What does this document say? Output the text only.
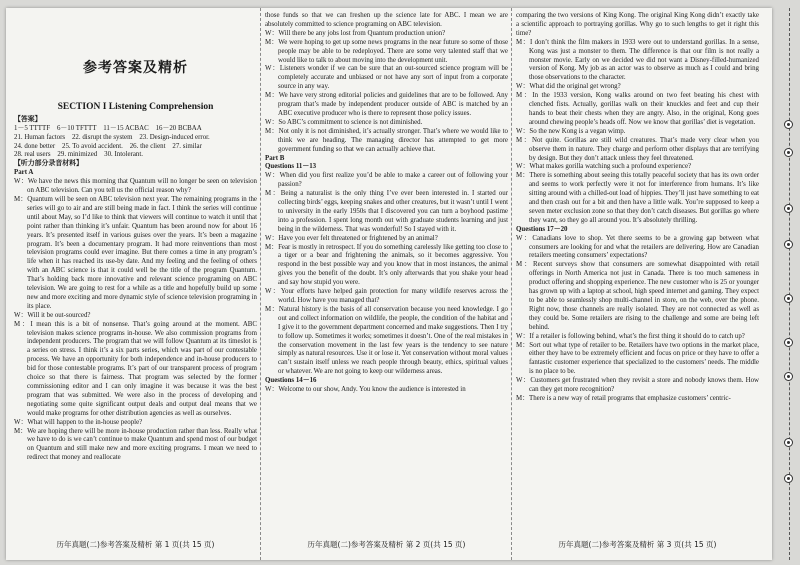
参考答案及精析
SECTION I Listening Comprehension

【答案】

1－5 TTTTF　6－10 TFTTT　11－15 ACBAC　16－20 BCBAA

21. Human factors　22. disrupt the system　23. Design-induced error.

24. done better　25. To avoid accident.　26. the client　27. similar

28. real users　29. minimized　30. Intolerant.

【听力部分录音材料】

Part A

W：We have the news this morning that Quantum will no longer be seen on television on ABC television. Can you tell us the official reason why?

M：Quantum will be seen on ABC television next year. The remaining programs in the series will go to air and are still being made in fact. I think the series will continue until about May, so I’d like to think that viewers will continue to watch it until that point rather than thinking it’s unfair. Quantum has been around now for about 16 years. It’s presented itself in various guises over the years. It’s been a magazine program. It’s been a documentary program. It had more reinventions than most television programs could ever imagine. But there comes a time in any program’s life when it has reached its use-by date. And my feeling and the feeling of others with an ABC science is that it could well be the title of the program Quantum. That’s holding back more innovative and relevant science programing on ABC television. We are going to rest for a while as a title and hopefully build up some new and more exciting and more dynamic style of science television programing in its place.

W：Will it be out-sourced?

M：I mean this is a bit of nonsense. That’s going around at the moment. ABC television makes science programs in-house. We also commission programs from independent producers. The program that we will follow Quantum at its timeslot is a series on stress. I think it’s a six parts series, which was part of our contestable process. We have an opportunity for both independence and in-house producers to bid for those contestable programs. It’s part of our transparent process of program choice so that there is fairness. That program was selected by the former commissioning editor and I can only imagine it was because it was the best program that was submitted. We were also in the process of developing and negotiating some quite significant output deals and output deal means that we would make programs for other distribution agencies as well as ourselves.

W：What will happen to the in-house people?

M：We are hoping there will be more in-house production rather than less. Really what we have to do is we can’t continue to make Quantum and spend most of our budget on Quantum and still make new and more exciting programs. I mean we need to redirect that money and reallocate

those funds so that we can freshen up the science late for ABC. I mean we are absolutely committed to science programing on ABC television.

W：Will there be any jobs lost from Quantum production union?

M：We were hoping to get up some news programs in the near future so some of those people may be able to be redeployed. There are some very talented staff that we would like to talk to about moving into the development unit.

W：Listeners wonder if we can be sure that an out-sourced science program will be completely accurate and unbiased or not have any sort of input from a corporate source in any way.

M：We have very strong editorial policies and guidelines that are to be followed. Any program that’s made by independent producer outside of ABC is matched by an ABC executive producer who is there to represent those policy issues.

W：So ABC’s commitment to science is not diminished.

M：Not only it is not diminished, it’s actually stronger. That’s where we would like to think we are heading. The managing director has attempted to get more government funding so that we can actually achieve that.

Part B

Questions 11－13

W：When did you first realize you’d be able to make a career out of following your passion?

M：Being a naturalist is the only thing I’ve ever been interested in. I started our collecting birds’ eggs, keeping snakes and other creatures, but it wasn’t until I went to university in the early 1950s that I discovered you can turn a boyhood pastime into a profession. I spent long month out with graduate students learning and just being in the wilderness. That was wonderful! So I stayed with it.

W：Have you ever felt threatened or frightened by an animal?

M：Fear is mostly in retrospect. If you do something carelessly like getting too close to a tiger or a bear and frightening the animals, so it becomes aggressive. You respond in the best possible way and you know that in most instances, the animal gives you the benefit of the doubt. It’s only afterwards that you shake your head and say how stupid you were.

W：Your efforts have helped gain protection for many wildlife reserves across the world. How have you managed that?

M：Natural history is the basis of all conservation because you need knowledge. I go out and collect information on wildlife, the people, the condition of the habitat and I give it to the government department concerned and make suggestions. Then I try to follow up. Sometimes it works; sometimes it doesn’t. One of the real mistakes in the conservation movement in the last few years is the tendency to see nature simply as natural resources. Use it or lose it. Yet conservation without moral values can’t sustain itself unless we reach people through beauty, ethics, spiritual values or whatever. We are not going to keep our wilderness areas.

Questions 14－16

W：Welcome to our show, Andy. You know the audience is interested in

comparing the two versions of King Kong. The original King Kong didn’t exactly take a scientific approach to portraying gorillas. Why go to such lengths to get it right this time?

M：I don’t think the film makers in 1933 were out to understand gorillas. In a sense, Kong was just a monster to them. The difference is that our film is not really a monster movie. Early on we decided we did not want a Disney-filled-humanized version of Kong. My job as an actor was to observe as much as I could and bring those observations to the character.

W：What did the original get wrong?

M：In the 1933 version, Kong walks around on two feet beating his chest with clenched fists. Actually, gorillas walk on their knuckles and feet and cup their hands to beat their chests when they are angry. Also, in the original, Kong goes around chewing people’s heads off. Now we know that gorillas’ diet is vegetation.

W：So the new Kong is a vegan wimp.

M：Not quite. Gorillas are still wild creatures. That’s made very clear when you observe them in nature. They charge and perform other displays that are terrifying by design. But they don’t attack unless they feel threatened.

W：What makes gorilla watching such a profound experience?

M：There is something about seeing this totally peaceful society that has its own order and seems to work perfectly were it not for interference from humans. It’s like sitting around with a chilled-out load of hippies. They’ll just have something to eat and then crash out for a bit and then have a little walk. You’re supposed to keep a seven meter exclusion zone so that they don’t catch diseases. But gorillas go where they want, so they go all around you. It’s absolutely thrilling.

Questions 17－20

W：Canadians love to shop. Yet there seems to be a growing gap between what consumers are looking for and what the retailers are delivering. How are Canadian retailers meeting consumers’ expectations?

M：Recent surveys show that consumers are somewhat disappointed with retail offerings in North America not just in Canada. There is too much sameness in product offering and shopping experience. The new customer who is 25 or younger has grown up with a laptop at school, high speed internet and gaming. They expect to be able to seamlessly shop multi-channel in store, on the web, over the phone. Right now, those channels are really isolated. They are not connected as well as they could be. Some retailers are rising to the challenge and some are being left behind.

W：If a retailer is following behind, what’s the first thing it should do to catch up?

M：Sort out what type of retailer to be. Retailers have two options in the market place, either they have to be extremely efficient and focus on price or they have to offer a fantastic customer experience that specialized to the customers’ needs. The middle is no place to be.

W：Customers get frustrated when they revisit a store and nobody knows them. How can they get more recognition?

M：There is a new way of retail programs that emphasize customers’ centric-

历年真题(二)参考答案及精析 第 1 页(共 15 页)	历年真题(二)参考答案及精析 第 2 页(共 15 页)	历年真题(二)参考答案及精析 第 3 页(共 15 页)
